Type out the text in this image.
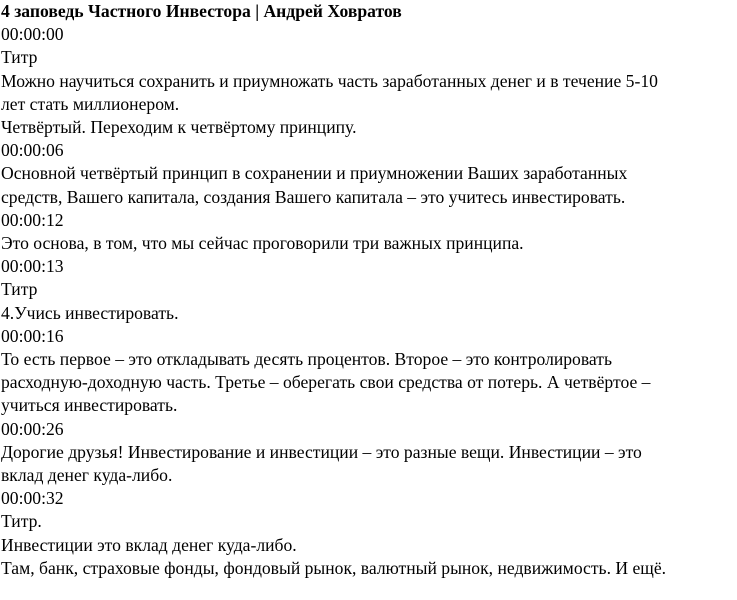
4 заповедь Частного Инвестора | Андрей Ховратов
00:00:00
Титр
Можно научиться сохранить и приумножать часть заработанных денег и в течение 5-10
лет стать миллионером.
Четвёртый. Переходим к четвёртому принципу.
00:00:06
Основной четвёртый принцип в сохранении и приумножении Ваших заработанных
средств, Вашего капитала, создания Вашего капитала – это учитесь инвестировать.
00:00:12
Это основа, в том, что мы сейчас проговорили три важных принципа.
00:00:13
Титр
4.Учись инвестировать.
00:00:16
То есть первое – это откладывать десять процентов. Второе – это контролировать
расходную-доходную часть. Третье – оберегать свои средства от потерь. А четвёртое –
учиться инвестировать.
00:00:26
Дорогие друзья! Инвестирование и инвестиции – это разные вещи. Инвестиции – это
вклад денег куда-либо.
00:00:32
Титр.
Инвестиции это вклад денег куда-либо.
Там, банк, страховые фонды, фондовый рынок, валютный рынок, недвижимость. И ещё.
